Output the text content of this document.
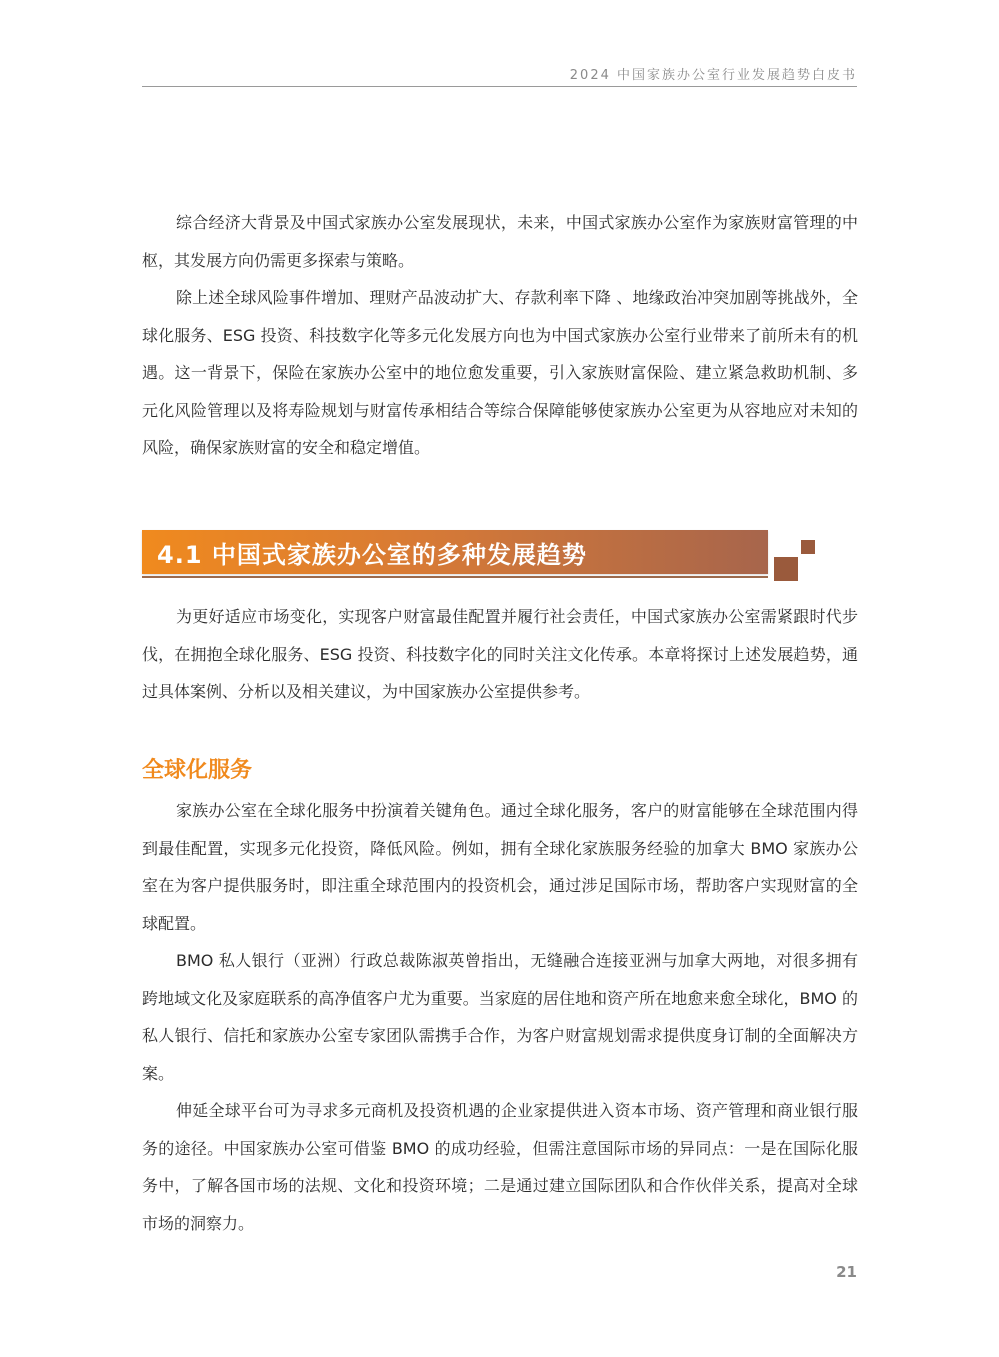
2024 中国家族办公室行业发展趋势白皮书

综合经济大背景及中国式家族办公室发展现状，未来，中国式家族办公室作为家族财富管理的中枢，其发展方向仍需更多探索与策略。

除上述全球风险事件增加、理财产品波动扩大、存款利率下降 、地缘政治冲突加剧等挑战外，全球化服务、ESG 投资、科技数字化等多元化发展方向也为中国式家族办公室行业带来了前所未有的机遇。这一背景下，保险在家族办公室中的地位愈发重要，引入家族财富保险、建立紧急救助机制、多元化风险管理以及将寿险规划与财富传承相结合等综合保障能够使家族办公室更为从容地应对未知的风险，确保家族财富的安全和稳定增值。

4.1 中国式家族办公室的多种发展趋势

为更好适应市场变化，实现客户财富最佳配置并履行社会责任，中国式家族办公室需紧跟时代步伐，在拥抱全球化服务、ESG 投资、科技数字化的同时关注文化传承。本章将探讨上述发展趋势，通过具体案例、分析以及相关建议，为中国家族办公室提供参考。

全球化服务

家族办公室在全球化服务中扮演着关键角色。通过全球化服务，客户的财富能够在全球范围内得到最佳配置，实现多元化投资，降低风险。例如，拥有全球化家族服务经验的加拿大 BMO 家族办公室在为客户提供服务时，即注重全球范围内的投资机会，通过涉足国际市场，帮助客户实现财富的全球配置。

BMO 私人银行（亚洲）行政总裁陈淑英曾指出，无缝融合连接亚洲与加拿大两地，对很多拥有跨地域文化及家庭联系的高净值客户尤为重要。当家庭的居住地和资产所在地愈来愈全球化，BMO 的私人银行、信托和家族办公室专家团队需携手合作，为客户财富规划需求提供度身订制的全面解决方案。

伸延全球平台可为寻求多元商机及投资机遇的企业家提供进入资本市场、资产管理和商业银行服务的途径。中国家族办公室可借鉴 BMO 的成功经验，但需注意国际市场的异同点：一是在国际化服务中，了解各国市场的法规、文化和投资环境；二是通过建立国际团队和合作伙伴关系，提高对全球市场的洞察力。

21
